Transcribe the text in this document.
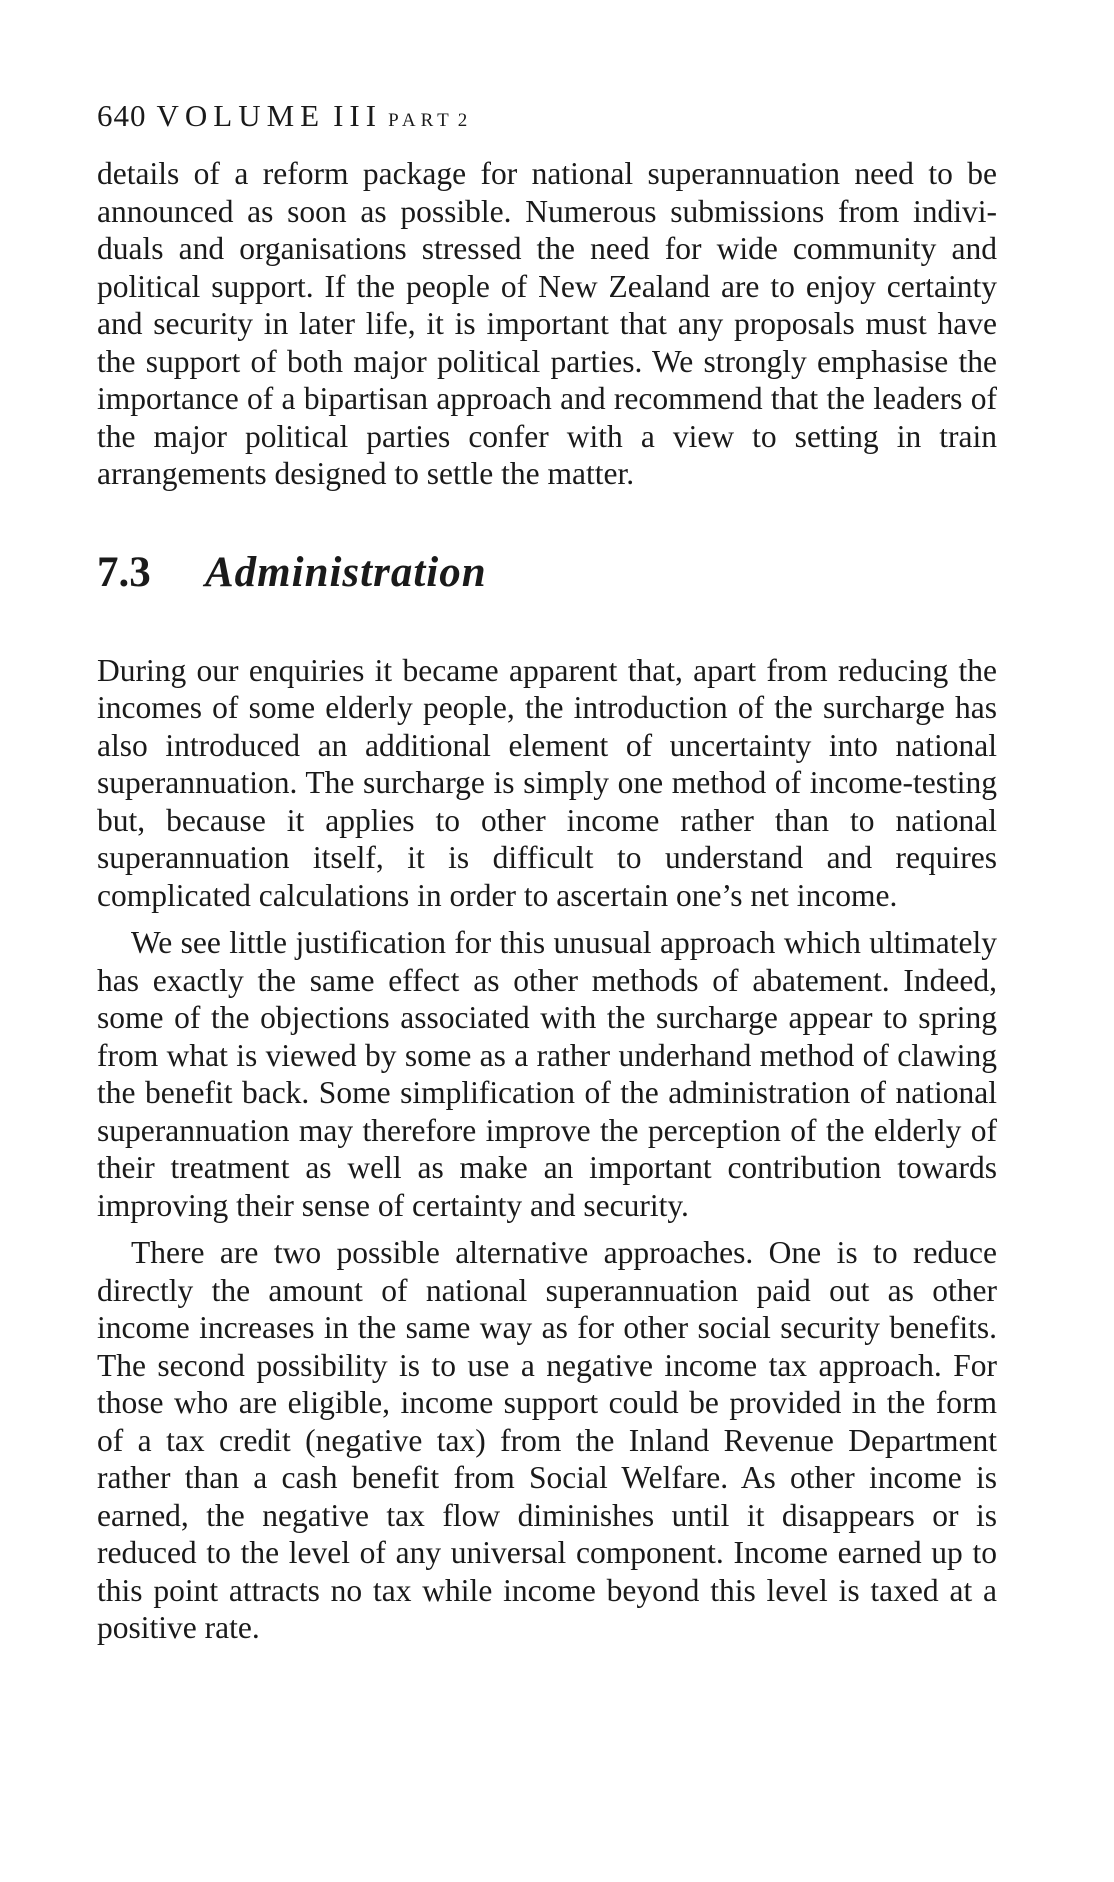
640 VOLUME III PART 2

details of a reform package for national superannuation need to be announced as soon as possible. Numerous submissions from individuals and organisations stressed the need for wide community and political support. If the people of New Zealand are to enjoy certainty and security in later life, it is important that any proposals must have the support of both major political parties. We strongly emphasise the importance of a bipartisan approach and recommend that the leaders of the major political parties confer with a view to setting in train arrangements designed to settle the matter.

7.3 Administration

During our enquiries it became apparent that, apart from reducing the incomes of some elderly people, the introduction of the surcharge has also introduced an additional element of uncertainty into national superannuation. The surcharge is simply one method of income-testing but, because it applies to other income rather than to national superannuation itself, it is difficult to understand and requires complicated calculations in order to ascertain one’s net income.

We see little justification for this unusual approach which ultimately has exactly the same effect as other methods of abatement. Indeed, some of the objections associated with the surcharge appear to spring from what is viewed by some as a rather underhand method of clawing the benefit back. Some simplification of the administration of national superannuation may therefore improve the perception of the elderly of their treatment as well as make an important contribution towards improving their sense of certainty and security.

There are two possible alternative approaches. One is to reduce directly the amount of national superannuation paid out as other income increases in the same way as for other social security benefits. The second possibility is to use a negative income tax approach. For those who are eligible, income support could be provided in the form of a tax credit (negative tax) from the Inland Revenue Department rather than a cash benefit from Social Welfare. As other income is earned, the negative tax flow diminishes until it disappears or is reduced to the level of any universal component. Income earned up to this point attracts no tax while income beyond this level is taxed at a positive rate.
